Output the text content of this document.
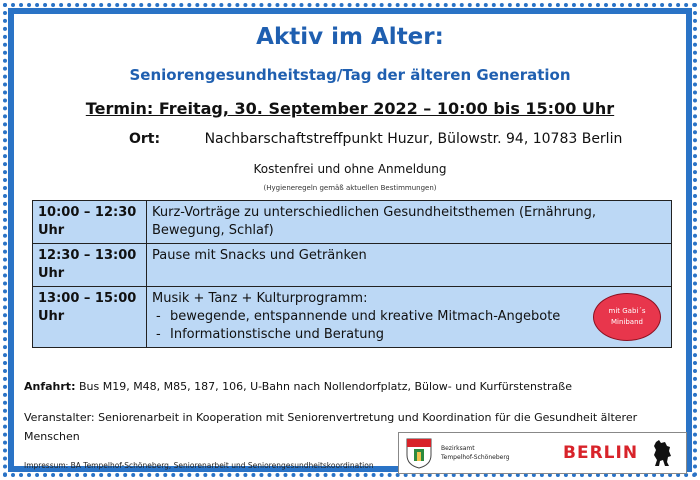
Aktiv im Alter:
Seniorengesundheitstag/Tag der älteren Generation
Termin: Freitag, 30. September 2022 – 10:00 bis 15:00 Uhr
Ort:	Nachbarschaftstreffpunkt Huzur, Bülowstr. 94, 10783 Berlin
Kostenfrei und ohne Anmeldung
(Hygieneregeln gemäß aktuellen Bestimmungen)
10:00 – 12:30 Uhr	Kurz-Vorträge zu unterschiedlichen Gesundheitsthemen (Ernährung, Bewegung, Schlaf)
12:30 – 13:00 Uhr	Pause mit Snacks und Getränken
13:00 – 15:00 Uhr	Musik + Tanz + Kulturprogramm:
- bewegende, entspannende und kreative Mitmach-Angebote
- Informationstische und Beratung
mit Gabi´s Miniband
Anfahrt: Bus M19, M48, M85, 187, 106, U-Bahn nach Nollendorfplatz, Bülow- und Kurfürstenstraße
Veranstalter: Seniorenarbeit in Kooperation mit Seniorenvertretung und Koordination für die Gesundheit älterer Menschen
Impressum: BA Tempelhof-Schöneberg, Seniorenarbeit und Seniorengesundheitskoordination
Bezirksamt
Tempelhof-Schöneberg	BERLIN
